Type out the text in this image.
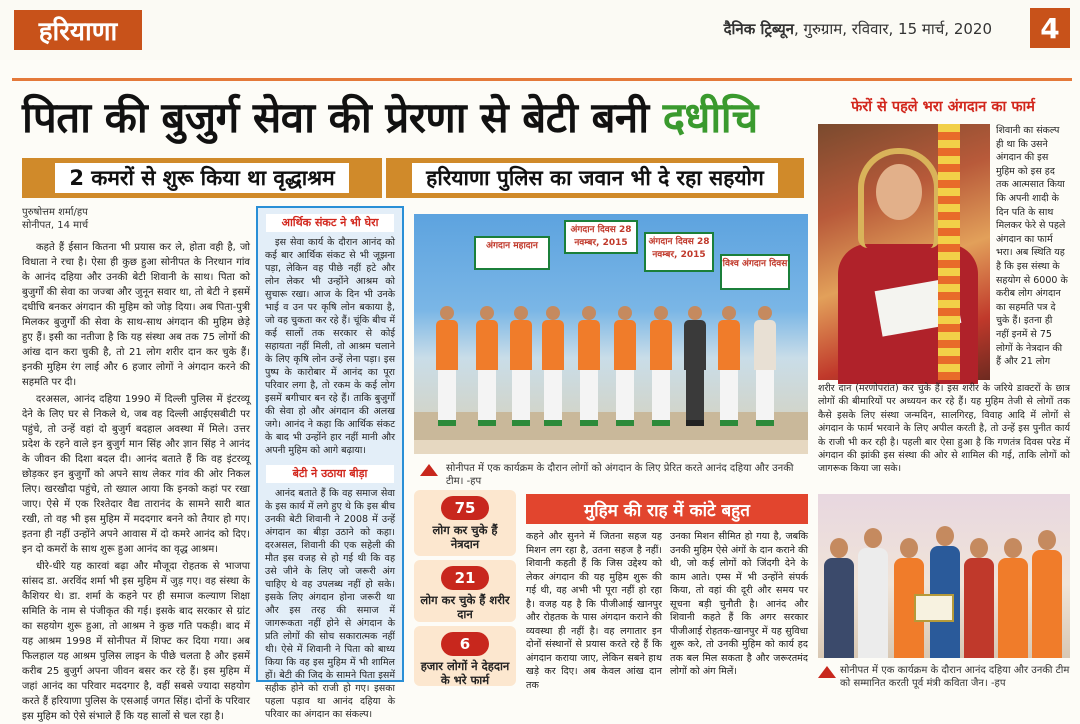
हरियाणा	दैनिक ट्रिब्यून, गुरुग्राम, रविवार, 15 मार्च, 2020	4
पिता की बुजुर्ग सेवा की प्रेरणा से बेटी बनी दधीचि
2 कमरों से शुरू किया था वृद्धाश्रम	हरियाणा पुलिस का जवान भी दे रहा सहयोग
पुरुषोत्तम शर्मा/हप
सोनीपत, 14 मार्च

कहते हैं ईसान कितना भी प्रयास कर ले, होता वही है, जो विधाता ने रचा है। ऐसा ही कुछ हुआ सोनीपत के निरथान गांव के आनंद दहिया और उनकी बेटी शिवानी के साथ। पिता को बुजुर्गों की सेवा का जज्बा और जुनून सवार था, तो बेटी ने इसमें दधीचि बनकर अंगदान की मुहिम को जोड़ दिया। अब पिता-पुत्री मिलकर बुजुर्गों की सेवा के साथ-साथ अंगदान की मुहिम छेड़े हुए हैं। इसी का नतीजा है कि यह संस्था अब तक 75 लोगों की आंख दान करा चुकी है, तो 21 लोग शरीर दान कर चुके हैं। इनकी मुहिम रंग लाई और 6 हजार लोगों ने अंगदान करने की सहमति पर दी।

दरअसल, आनंद दहिया 1990 में दिल्ली पुलिस में इंटरव्यू देने के लिए घर से निकले थे, जब वह दिल्ली आईएसबीटी पर पहुंचे, तो उन्हें वहां दो बुजुर्ग बदहाल अवस्था में मिले। उत्तर प्रदेश के रहने वाले इन बुजुर्ग मान सिंह और ज्ञान सिंह ने आनंद के जीवन की दिशा बदल दी। आनंद बताते हैं कि वह इंटरव्यू छोड़कर इन बुजुर्गों को अपने साथ लेकर गांव की ओर निकल लिए। खरखौदा पहुंचे, तो ख्याल आया कि इनको कहां पर रखा जाए। ऐसे में एक रिश्तेदार वैद्य तारानंद के सामने सारी बात रखी, तो वह भी इस मुहिम में मददगार बनने को तैयार हो गए। इतना ही नहीं उन्होंने अपने आवास में दो कमरे आनंद को दिए। इन दो कमरों के साथ शुरू हुआ आनंद का वृद्ध आश्रम।

धीरे-धीरे यह कारवां बढ़ा और मौजूदा रोहतक से भाजपा सांसद डा. अरविंद शर्मा भी इस मुहिम में जुड़ गए। वह संस्था के कैशियर थे। डा. शर्मा के कहने पर ही समाज कल्याण शिक्षा समिति के नाम से पंजीकृत की गई। इसके बाद सरकार से ग्रांट का सहयोग शुरू हुआ, तो आश्रम ने कुछ गति पकड़ी। बाद में यह आश्रम 1998 में सोनीपत में शिफ्ट कर दिया गया। अब फिलहाल यह आश्रम पुलिस लाइन के पीछे चलता है और इसमें करीब 25 बुजुर्ग अपना जीवन बसर कर रहे हैं। इस मुहिम में जहां आनंद का परिवार मददगार है, वहीं सबसे ज्यादा सहयोग करते हैं हरियाणा पुलिस के एसआई जगत सिंह। दोनों के परिवार इस मुहिम को ऐसे संभाले हैं कि यह सालों से चल रहा है।

आर्थिक संकट ने भी घेरा

इस सेवा कार्य के दौरान आनंद को कई बार आर्थिक संकट से भी जूझना पड़ा, लेकिन वह पीछे नहीं हटे और लोन लेकर भी उन्होंने आश्रम को सुचारू रखा। आज के दिन भी उनके भाई व उन पर कृषि लोन बकाया है, जो वह चुकता कर रहे हैं। चूंकि बीच में कई सालों तक सरकार से कोई सहायता नहीं मिली, तो आश्रम चलाने के लिए कृषि लोन उन्हें लेना पड़ा। इस पुष्प के कारोबार में आनंद का पूरा परिवार लगा है, तो रकम के कई लोग इसमें बगीचार बन रहे हैं। ताकि बुजुर्गों की सेवा हो और अंगदान की अलख जगे। आनंद ने कहा कि आर्थिक संकट के बाद भी उन्होंने हार नहीं मानी और अपनी मुहिम को आगे बढ़ाया।

बेटी ने उठाया बीड़ा

आनंद बताते हैं कि वह समाज सेवा के इस कार्य में लगे हुए थे कि इस बीच उनकी बेटी शिवानी ने 2008 में उन्हें अंगदान का बीड़ा उठाने को कहा। दरअसल, शिवानी की एक सहेली की मौत इस वजह से हो गई थी कि वह उसे जीने के लिए जो जरूरी अंग चाहिए थे वह उपलब्ध नहीं हो सके। इसके लिए अंगदान होना जरूरी था और इस तरह की समाज में जागरूकता नहीं होने से अंगदान के प्रति लोगों की सोच सकारात्मक नहीं थी। ऐसे में शिवानी ने पिता को बाध्य किया कि वह इस मुहिम में भी शामिल हों। बेटी की जिद के सामने पिता इसमें सहीक होने को राजी हो गए। इसका पहला पड़ाव था आनंद दहिया के परिवार का अंगदान का संकल्प।

अंगदान महादान
अंगदान दिवस 28 नवम्बर, 2015	अंगदान दिवस 28 नवम्बर, 2015
विश्व अंगदान दिवस
सोनीपत में एक कार्यक्रम के दौरान लोगों को अंगदान के लिए प्रेरित करते आनंद दहिया और उनकी टीम। -हप
75
लोग कर चुके हैं नेत्रदान
21
लोग कर चुके हैं शरीर दान
6
हजार लोगों ने देहदान के भरे फार्म
मुहिम की राह में कांटे बहुत
कहने और सुनने में जितना सहज यह मिशन लग रहा है, उतना सहज है नहीं। शिवानी कहती हैं कि जिस उद्देश्य को लेकर अंगदान की यह मुहिम शुरू की गई थी, वह अभी भी पूरा नहीं हो रहा है। वजह यह है कि पीजीआई खानपुर और रोहतक के पास अंगदान कराने की व्यवस्था ही नहीं है। वह लगातार इन दोनों संस्थानों से प्रयास करते रहे हैं कि अंगदान कराया जाए, लेकिन सबने हाथ खड़े कर दिए। अब केवल आंख दान तक
उनका मिशन सीमित हो गया है, जबकि उनकी मुहिम ऐसे अंगों के दान कराने की थी, जो कई लोगों को जिंदगी देने के काम आते। एम्स में भी उन्होंने संपर्क किया, तो वहां की दूरी और समय पर सूचना बड़ी चुनौती है। आनंद और शिवानी कहते हैं कि अगर सरकार पीजीआई रोहतक-खानपुर में यह सुविधा शुरू करे, तो उनकी मुहिम को कार्य हद तक बल मिल सकता है और जरूरतमंद लोगों को अंग मिलें।
फेरों से पहले भरा अंगदान का फार्म
शिवानी का संकल्प ही था कि उसने अंगदान की इस मुहिम को इस हद तक आत्मसात किया कि अपनी शादी के दिन पति के साथ मिलकर फेरे से पहले अंगदान का फार्म भरा। अब स्थिति यह है कि इस संस्था के सहयोग से 6000 के करीब लोग अंगदान का सहमति पत्र दे चुके हैं। इतना ही नहीं इनमें से 75 लोगों के नेत्रदान की हैं और 21 लोग
शरीर दान (मरणोपरांत) कर चुके हैं। इस शरीर के जरिये डाक्टरों के छात्र लोगों की बीमारियों पर अध्ययन कर रहे हैं। यह मुहिम तेजी से लोगों तक कैसे इसके लिए संस्था जन्मदिन, सालगिरह, विवाह आदि में लोगों से अंगदान के फार्म भरवाने के लिए अपील करती है, तो उन्हें इस पुनीत कार्य के राजी भी कर रही है। पहली बार ऐसा हुआ है कि गणतंत्र दिवस परेड में अंगदान की झांकी इस संस्था की ओर से शामिल की गई, ताकि लोगों को जागरूक किया जा सके।
सोनीपत में एक कार्यक्रम के दौरान आनंद दहिया और उनकी टीम को सम्मानित करती पूर्व मंत्री कविता जैन। -हप
